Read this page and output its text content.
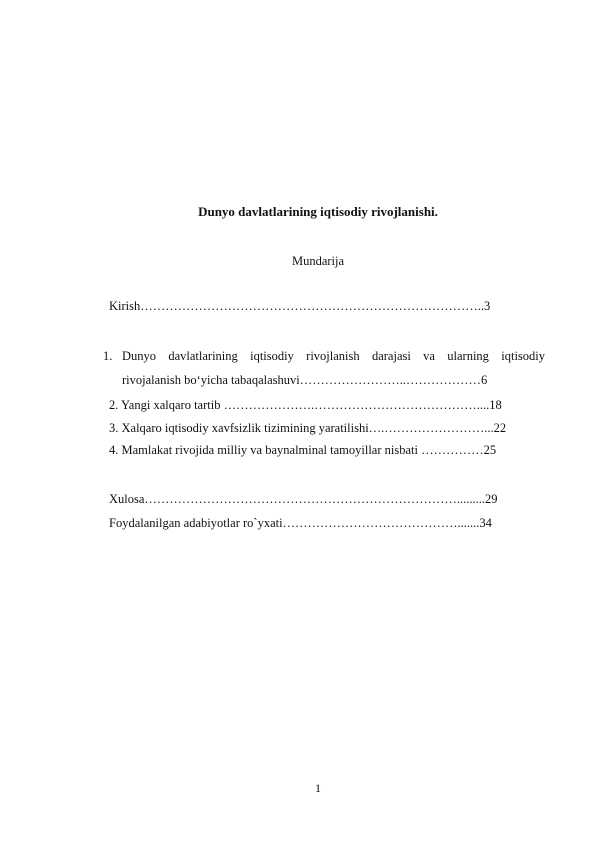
Dunyo davlatlarining iqtisodiy rivojlanishi.
Mundarija
Kirish………………………………………………………………………..3
1. Dunyo davlatlarining iqtisodiy rivojlanish darajasi va ularning iqtisodiy
rivojalanish bo‘yicha tabaqalashuvi……………………..………………6
2. Yangi xalqaro tartib ………………….…………………………………....18
3. Xalqaro iqtisodiy xavfsizlik tizimining yaratilishi….……………………...22
4. Mamlakat rivojida milliy va baynalminal tamoyillar nisbati ……………25
Xulosa………………………………………………………………….........29
Foydalanilgan adabiyotlar ro`yxati…………………………………….......34
1
